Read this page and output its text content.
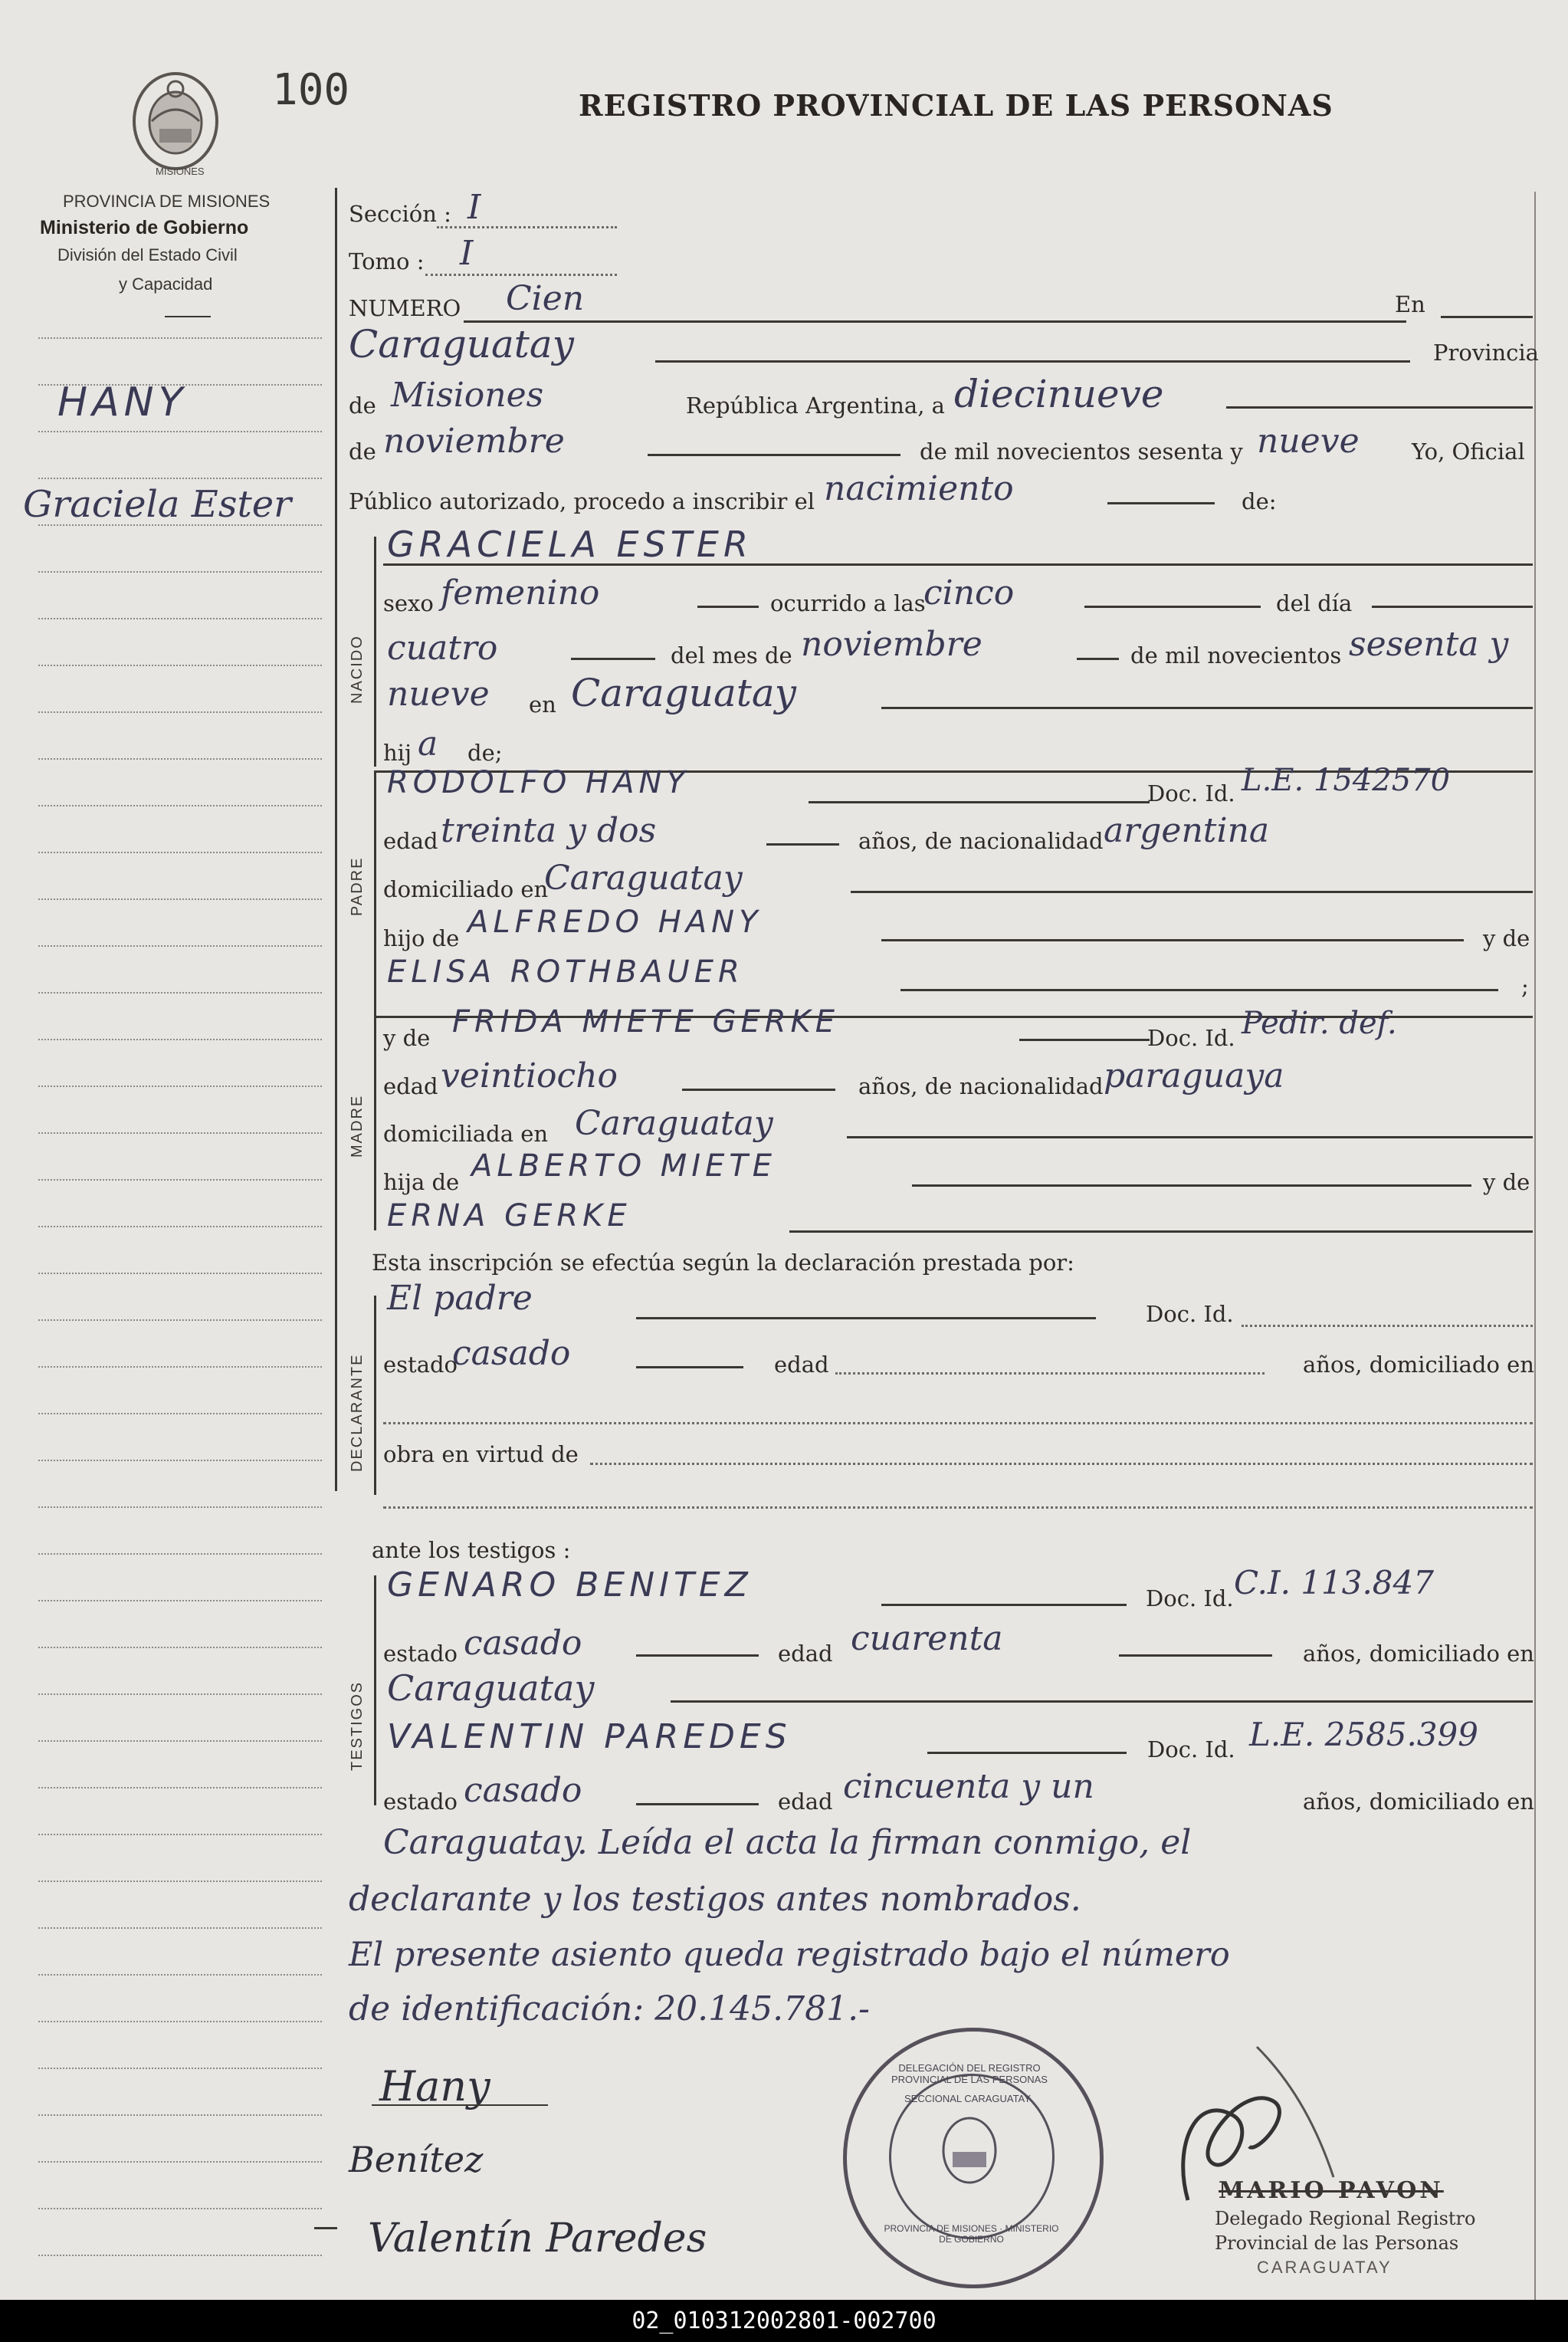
100	REGISTRO PROVINCIAL DE LAS PERSONAS
MISIONES
PROVINCIA DE MISIONES
Ministerio de Gobierno
División del Estado Civil
y Capacidad
HANY
Graciela Ester
Sección : I
Tomo : I
NUMERO Cien	En
Caraguatay	Provincia
de Misiones	República Argentina, a diecinueve
de noviembre	de mil novecientos sesenta y nueve Yo, Oficial
Público autorizado, procedo a inscribir el nacimiento	de:
NACIDO
GRACIELA ESTER
sexo femenino	ocurrido a las
cinco	del día
cuatro	del mes de noviembre	de mil novecientos sesenta y
nueve en Caraguatay
hij a de;
PADRE
RODOLFO HANY	Doc. Id. L.E. 1542570
edad treinta y dos	años, de nacionalidad argentina
domiciliado en
Caraguatay
hijo de ALFREDO HANY	y de
ELISA ROTHBAUER	;
MADRE
y de FRIDA MIETE GERKE	Doc. Id. Pedir. def.
edad veintiocho	años, de nacionalidad paraguaya
domiciliada en Caraguatay
hija de ALBERTO MIETE	y de
ERNA GERKE
Esta inscripción se efectúa según la declaración prestada por:
DECLARANTE
El padre	Doc. Id.
estado
casado	edad	años, domiciliado en
obra en virtud de
ante los testigos :
TESTIGOS
GENARO BENITEZ	Doc. Id. C.I. 113.847
estado casado	edad cuarenta	años, domiciliado en
Caraguatay
VALENTIN PAREDES	Doc. Id. L.E. 2585.399
estado casado	edad cincuenta y un	años, domiciliado en
Caraguatay. Leída el acta la firman conmigo, el
declarante y los testigos antes nombrados.
El presente asiento queda registrado bajo el número
de identificación: 20.145.781.-
Hany
Benítez
Valentín Paredes
DELEGACIÓN DEL REGISTRO PROVINCIAL DE LAS PERSONAS
SECCIONAL CARAGUATAY
PROVINCIA DE MISIONES · MINISTERIO DE GOBIERNO
MARIO PAVON
Delegado Regional Registro
Provincial de las Personas
CARAGUATAY
02_010312002801-002700
